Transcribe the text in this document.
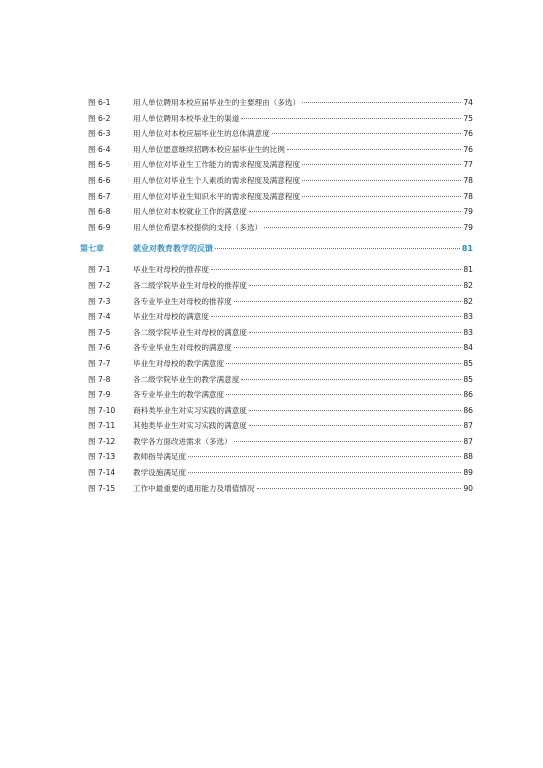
图 6-1	用人单位聘用本校应届毕业生的主要理由（多选）	74
图 6-2	用人单位聘用本校毕业生的渠道	75
图 6-3	用人单位对本校应届毕业生的总体满意度	76
图 6-4	用人单位愿意继续招聘本校应届毕业生的比例	76
图 6-5	用人单位对毕业生工作能力的需求程度及满意程度	77
图 6-6	用人单位对毕业生个人素质的需求程度及满意程度	78
图 6-7	用人单位对毕业生知识水平的需求程度及满意程度	78
图 6-8	用人单位对本校就业工作的满意度	79
图 6-9	用人单位希望本校提供的支持（多选）	79
第七章	就业对教育教学的反馈	81
图 7-1	毕业生对母校的推荐度	81
图 7-2	各二级学院毕业生对母校的推荐度	82
图 7-3	各专业毕业生对母校的推荐度	82
图 7-4	毕业生对母校的满意度	83
图 7-5	各二级学院毕业生对母校的满意度	83
图 7-6	各专业毕业生对母校的满意度	84
图 7-7	毕业生对母校的教学满意度	85
图 7-8	各二级学院毕业生的教学满意度	85
图 7-9	各专业毕业生的教学满意度	86
图 7-10	商科类毕业生对实习实践的满意度	86
图 7-11	其他类毕业生对实习实践的满意度	87
图 7-12	教学各方面改进需求（多选）	87
图 7-13	教师指导满足度	88
图 7-14	教学设施满足度	89
图 7-15	工作中最重要的通用能力及增值情况	90
